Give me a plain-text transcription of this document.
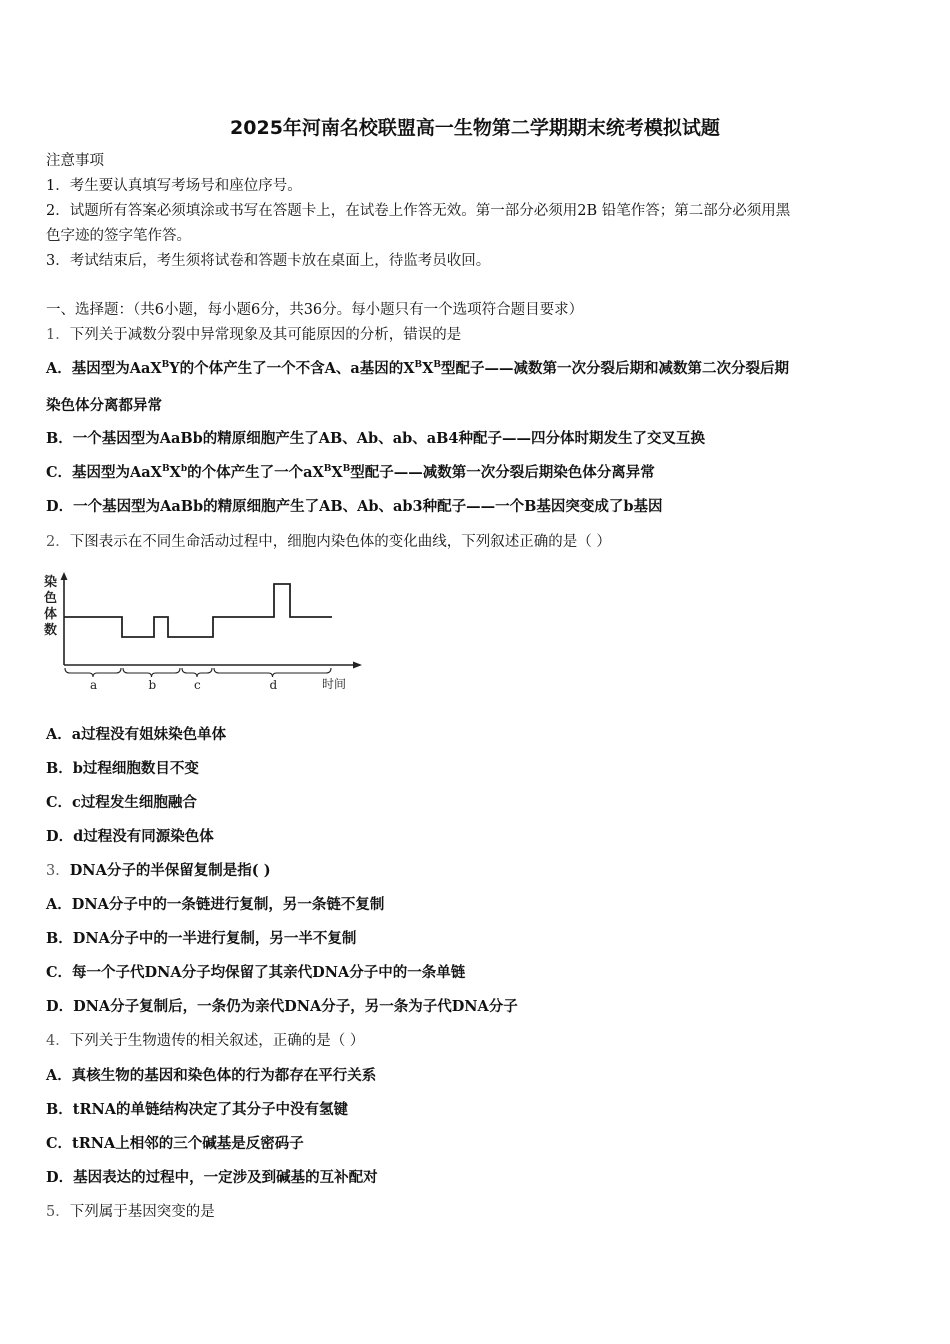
2025年河南名校联盟高一生物第二学期期末统考模拟试题
注意事项
1．考生要认真填写考场号和座位序号。
2．试题所有答案必须填涂或书写在答题卡上，在试卷上作答无效。第一部分必须用2B 铅笔作答；第二部分必须用黑
色字迹的签字笔作答。
3．考试结束后，考生须将试卷和答题卡放在桌面上，待监考员收回。
一、选择题：（共6小题，每小题6分，共36分。每小题只有一个选项符合题目要求）
1．下列关于减数分裂中异常现象及其可能原因的分析，错误的是
A．基因型为AaX$^B$Y的个体产生了一个不含A、a基因的$X^BX^B$型配子——减数第一次分裂后期和减数第二次分裂后期
染色体分离都异常
B．一个基因型为AaBb的精原细胞产生了AB、Ab、ab、aB4种配子——四分体时期发生了交叉互换
C．基因型为$AaX^BX^b$的个体产生了一个$aX^BX^B$型配子——减数第一次分裂后期染色体分离异常
D．一个基因型为AaBb的精原细胞产生了AB、Ab、ab3种配子——一个B基因突变成了b基因
2．下图表示在不同生命活动过程中，细胞内染色体的变化曲线，下列叙述正确的是（ ）
染
色
体
数
a	b	c	d	时间
A．a过程没有姐妹染色单体
B．b过程细胞数目不变
C．c过程发生细胞融合
D．d过程没有同源染色体
3．DNA分子的半保留复制是指( )
A．DNA分子中的一条链进行复制，另一条链不复制
B．DNA分子中的一半进行复制，另一半不复制
C．每一个子代DNA分子均保留了其亲代DNA分子中的一条单链
D．DNA分子复制后，一条仍为亲代DNA分子，另一条为子代DNA分子
4．下列关于生物遗传的相关叙述，正确的是（ ）
A．真核生物的基因和染色体的行为都存在平行关系
B．tRNA的单链结构决定了其分子中没有氢键
C．tRNA上相邻的三个碱基是反密码子
D．基因表达的过程中，一定涉及到碱基的互补配对
5．下列属于基因突变的是
